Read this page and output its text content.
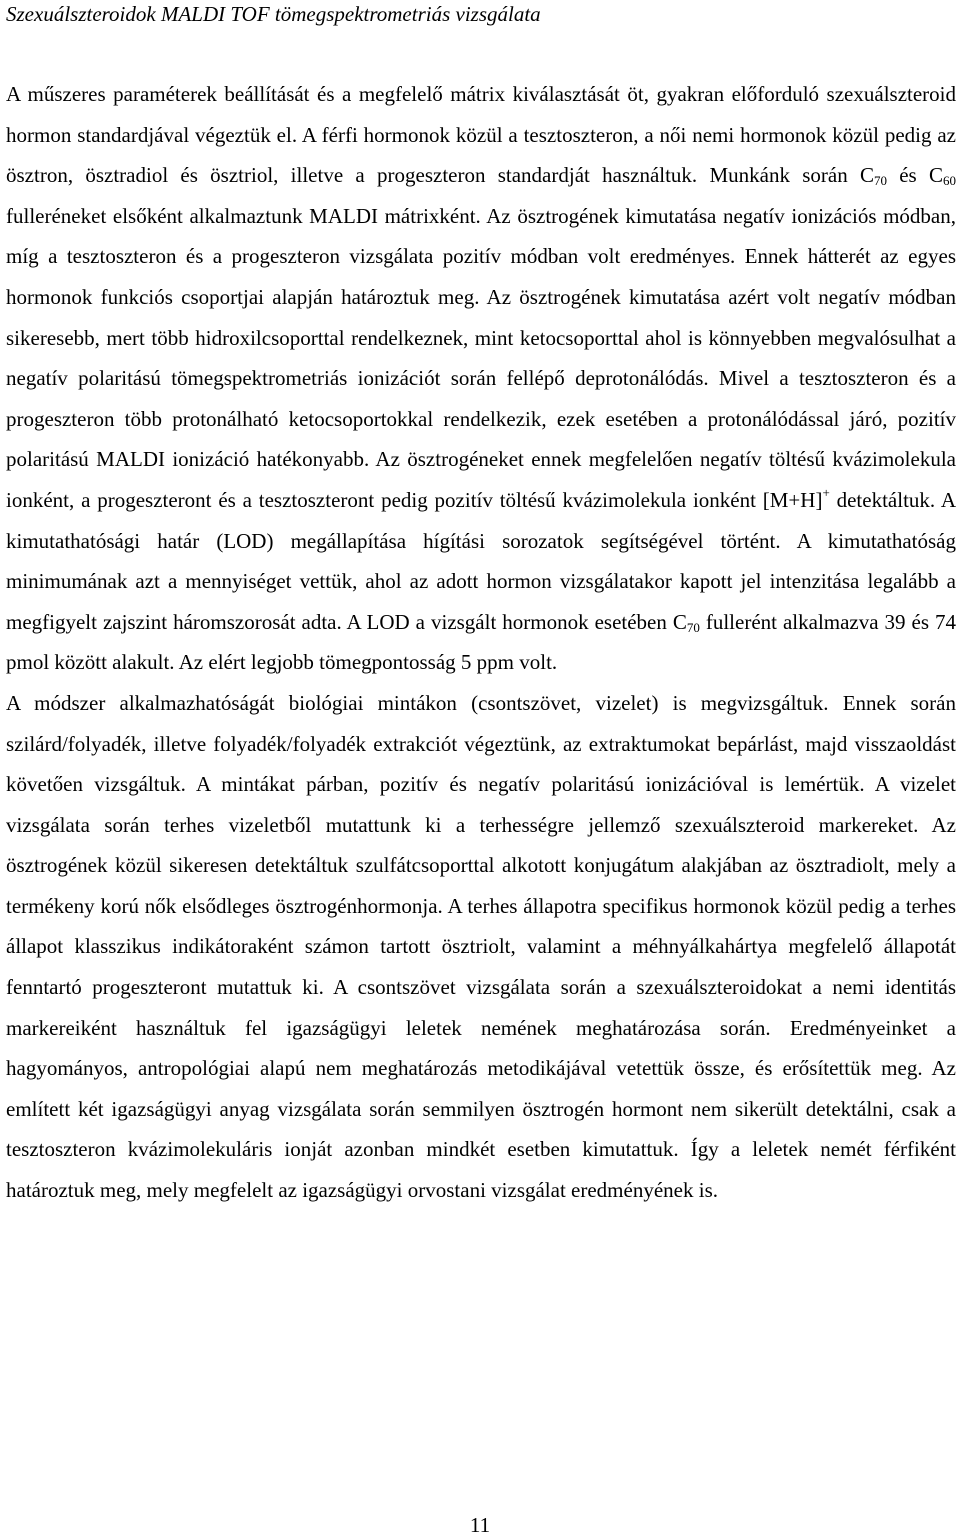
Szexuálszteroidok MALDI TOF tömegspektrometriás vizsgálata

A műszeres paraméterek beállítását és a megfelelő mátrix kiválasztását öt, gyakran előforduló szexuálszteroid hormon standardjával végeztük el. A férfi hormonok közül a tesztoszteron, a női nemi hormonok közül pedig az ösztron, ösztradiol és ösztriol, illetve a progeszteron standardját használtuk. Munkánk során $C_{70}$ és $C_{60}$ fulleréneket elsőként alkalmaztunk MALDI mátrixként. Az ösztrogének kimutatása negatív ionizációs módban, míg a tesztoszteron és a progeszteron vizsgálata pozitív módban volt eredményes. Ennek hátterét az egyes hormonok funkciós csoportjai alapján határoztuk meg. Az ösztrogének kimutatása azért volt negatív módban sikeresebb, mert több hidroxilcsoporttal rendelkeznek, mint ketocsoporttal ahol is könnyebben megvalósulhat a negatív polaritású tömegspektrometriás ionizációt során fellépő deprotonálódás. Mivel a tesztoszteron és a progeszteron több protonálható ketocsoportokkal rendelkezik, ezek esetében a protonálódással járó, pozitív polaritású MALDI ionizáció hatékonyabb. Az ösztrogéneket ennek megfelelően negatív töltésű kvázimolekula ionként, a progeszteront és a tesztoszteront pedig pozitív töltésű kvázimolekula ionként [M+H]+ detektáltuk. A kimutathatósági határ (LOD) megállapítása hígítási sorozatok segítségével történt. A kimutathatóság minimumának azt a mennyiséget vettük, ahol az adott hormon vizsgálatakor kapott jel intenzitása legalább a megfigyelt zajszint háromszorosát adta. A LOD a vizsgált hormonok esetében $C_{70}$ fullerént alkalmazva 39 és 74 pmol között alakult. Az elért legjobb tömegpontosság 5 ppm volt.

A módszer alkalmazhatóságát biológiai mintákon (csontszövet, vizelet) is megvizsgáltuk. Ennek során szilárd/folyadék, illetve folyadék/folyadék extrakciót végeztünk, az extraktumokat bepárlást, majd visszaoldást követően vizsgáltuk. A mintákat párban, pozitív és negatív polaritású ionizációval is lemértük. A vizelet vizsgálata során terhes vizeletből mutattunk ki a terhességre jellemző szexuálszteroid markereket. Az ösztrogének közül sikeresen detektáltuk szulfátcsoporttal alkotott konjugátum alakjában az ösztradiolt, mely a termékeny korú nők elsődleges ösztrogénhormonja. A terhes állapotra specifikus hormonok közül pedig a terhes állapot klasszikus indikátoraként számon tartott ösztriolt, valamint a méhnyálkahártya megfelelő állapotát fenntartó progeszteront mutattuk ki. A csontszövet vizsgálata során a szexuálszteroidokat a nemi identitás markereiként használtuk fel igazságügyi leletek nemének meghatározása során. Eredményeinket a hagyományos, antropológiai alapú nem meghatározás metodikájával vetettük össze, és erősítettük meg. Az említett két igazságügyi anyag vizsgálata során semmilyen ösztrogén hormont nem sikerült detektálni, csak a tesztoszteron kvázimolekuláris ionját azonban mindkét esetben kimutattuk. Így a leletek nemét férfiként határoztuk meg, mely megfelelt az igazságügyi orvostani vizsgálat eredményének is.

11
